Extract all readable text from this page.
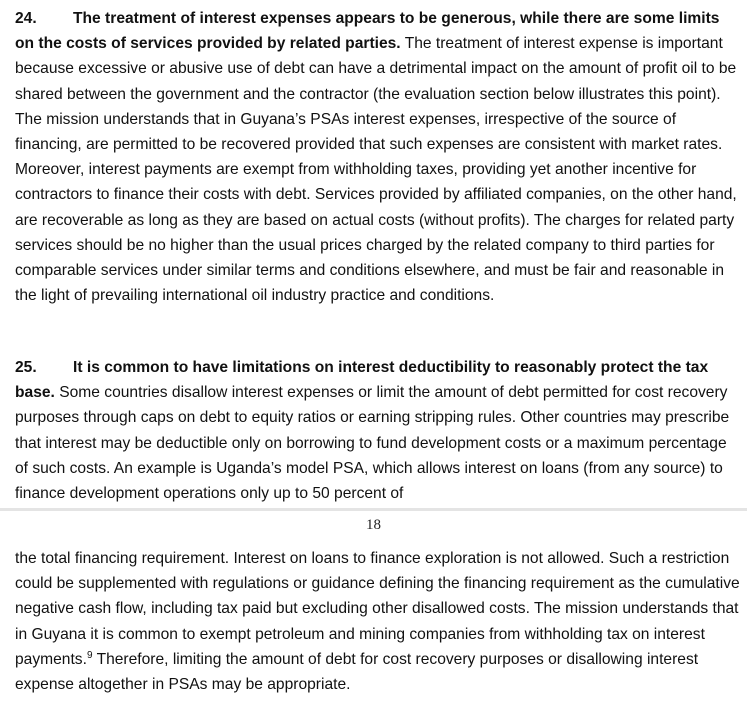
24. The treatment of interest expenses appears to be generous, while there are some limits on the costs of services provided by related parties. The treatment of interest expense is important because excessive or abusive use of debt can have a detrimental impact on the amount of profit oil to be shared between the government and the contractor (the evaluation section below illustrates this point). The mission understands that in Guyana’s PSAs interest expenses, irrespective of the source of financing, are permitted to be recovered provided that such expenses are consistent with market rates. Moreover, interest payments are exempt from withholding taxes, providing yet another incentive for contractors to finance their costs with debt. Services provided by affiliated companies, on the other hand, are recoverable as long as they are based on actual costs (without profits). The charges for related party services should be no higher than the usual prices charged by the related company to third parties for comparable services under similar terms and conditions elsewhere, and must be fair and reasonable in the light of prevailing international oil industry practice and conditions.

25. It is common to have limitations on interest deductibility to reasonably protect the tax base. Some countries disallow interest expenses or limit the amount of debt permitted for cost recovery purposes through caps on debt to equity ratios or earning stripping rules. Other countries may prescribe that interest may be deductible only on borrowing to fund development costs or a maximum percentage of such costs. An example is Uganda’s model PSA, which allows interest on loans (from any source) to finance development operations only up to 50 percent of

18

the total financing requirement. Interest on loans to finance exploration is not allowed. Such a restriction could be supplemented with regulations or guidance defining the financing requirement as the cumulative negative cash flow, including tax paid but excluding other disallowed costs. The mission understands that in Guyana it is common to exempt petroleum and mining companies from withholding tax on interest payments.$^9$ Therefore, limiting the amount of debt for cost recovery purposes or disallowing interest expense altogether in PSAs may be appropriate.
